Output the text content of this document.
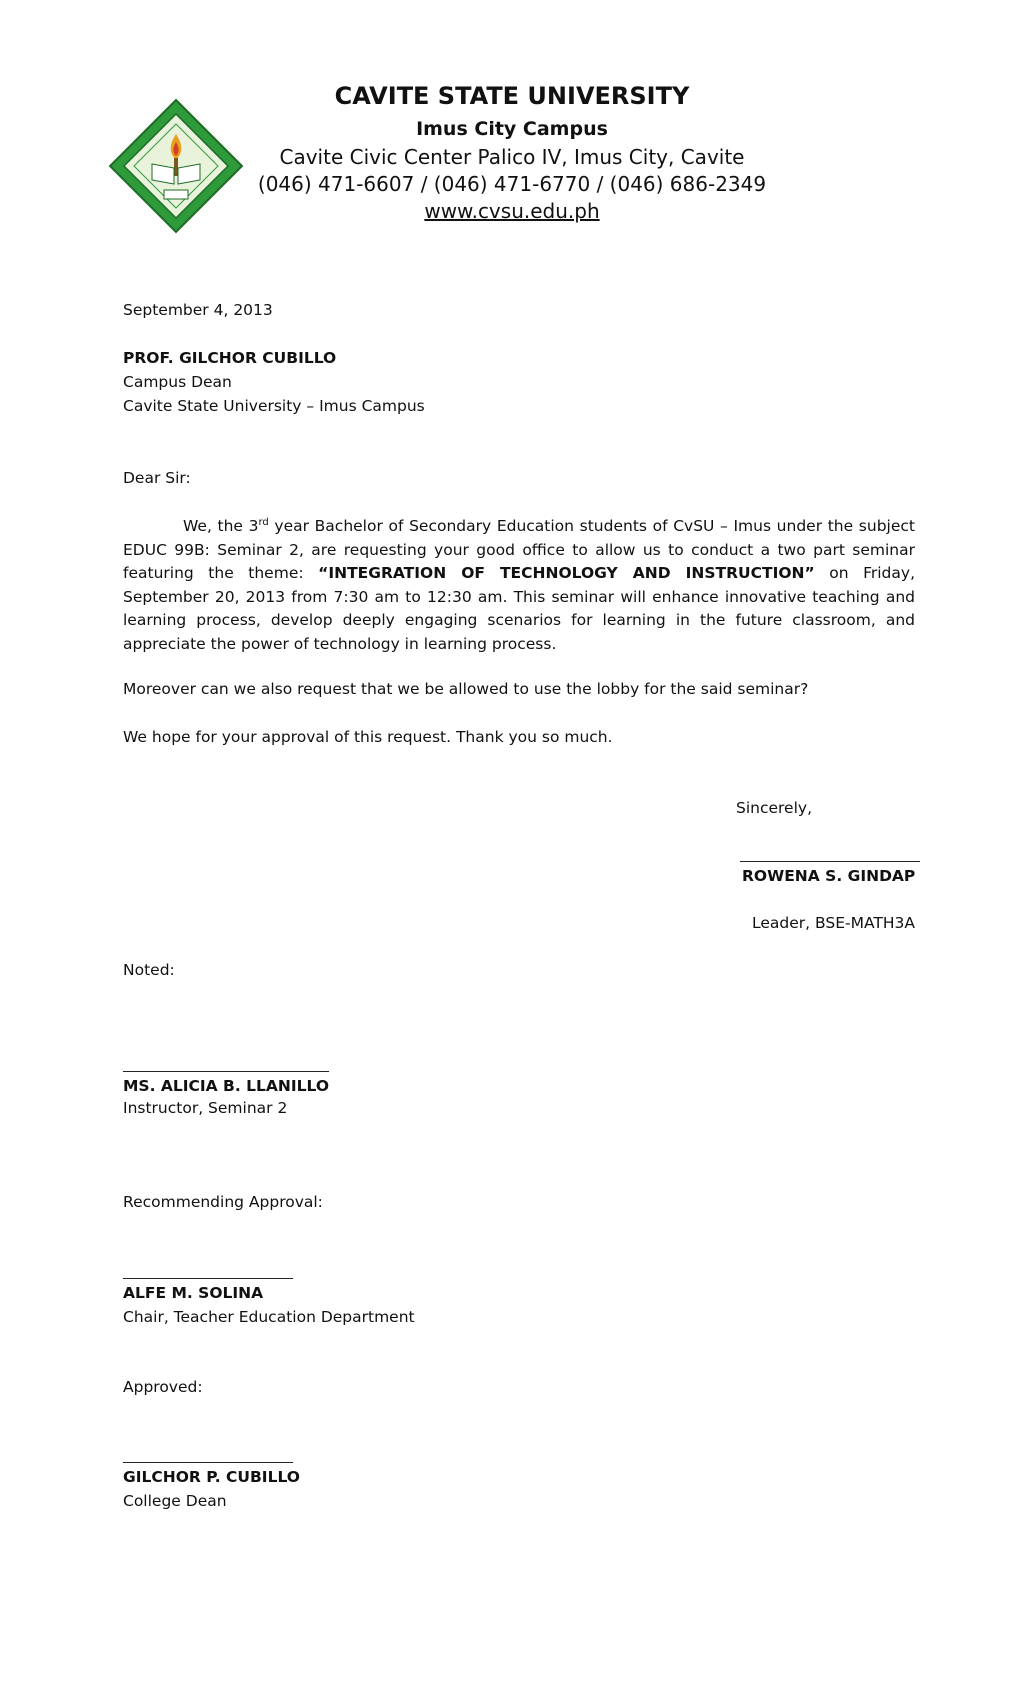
CAVITE STATE UNIVERSITY
Imus City Campus
Cavite Civic Center Palico IV, Imus City, Cavite
(046) 471-6607 / (046) 471-6770 / (046) 686-2349
www.cvsu.edu.ph
September 4, 2013
PROF. GILCHOR CUBILLO
Campus Dean
Cavite State University – Imus Campus
Dear Sir:
We, the 3rd year Bachelor of Secondary Education students of CvSU – Imus under the subject EDUC 99B: Seminar 2, are requesting your good office to allow us to conduct a two part seminar featuring the theme: “INTEGRATION OF TECHNOLOGY AND INSTRUCTION” on Friday, September 20, 2013 from 7:30 am to 12:30 am. This seminar will enhance innovative teaching and learning process, develop deeply engaging scenarios for learning in the future classroom, and appreciate the power of technology in learning process.
Moreover can we also request that we be allowed to use the lobby for the said seminar?
We hope for your approval of this request. Thank you so much.
Sincerely,
ROWENA S. GINDAP
Leader, BSE-MATH3A
Noted:
MS. ALICIA B. LLANILLO
Instructor, Seminar 2
Recommending Approval:
ALFE M. SOLINA
Chair, Teacher Education Department
Approved:
GILCHOR P. CUBILLO
College Dean
